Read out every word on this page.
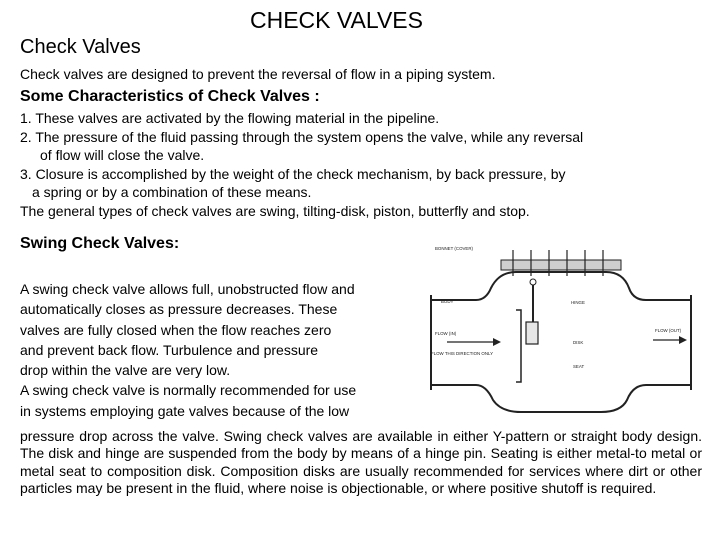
CHECK VALVES
Check Valves

Check valves are designed to prevent the reversal of flow in a piping system.

Some Characteristics of Check Valves :
1. These valves are activated by the flowing material in the pipeline.
2. The pressure of the fluid passing through the system opens the valve, while any reversal
of flow will close the valve.
3. Closure is accomplished by the weight of the check mechanism, by back pressure, by
a spring or by a combination of these means.
The general types of check valves are swing, tilting-disk, piston, butterfly and stop.
Swing Check Valves:
A swing check valve allows full, unobstructed flow and
automatically closes as pressure decreases. These
valves are fully closed when the flow reaches zero
and prevent back flow. Turbulence and pressure
drop within the valve are very low.
A swing check valve is normally recommended for use
in systems employing gate valves because of the low

pressure drop across the valve. Swing check valves are available in either Y-pattern or straight body design. The disk and hinge are suspended from the body by means of a hinge pin. Seating is either metal-to metal or metal seat to composition disk. Composition disks are usually recommended for services where dirt or other particles may be present in the fluid, where noise is objectionable, or where positive shutoff is required.

BONNET (COVER)
BODY	HINGE
FLOW (IN)
FLOW THIS DIRECTION ONLY
DISK
SEAT
FLOW (OUT)
